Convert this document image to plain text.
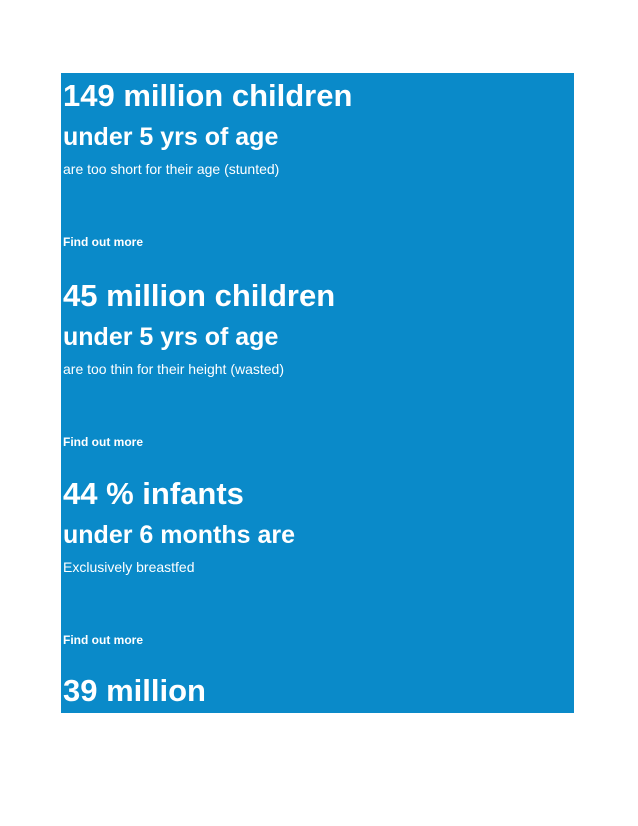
149 million children
under 5 yrs of age
are too short for their age (stunted)
Find out more
45 million children
under 5 yrs of age
are too thin for their height (wasted)
Find out more
44 % infants
under 6 months are
Exclusively breastfed
Find out more
39 million
